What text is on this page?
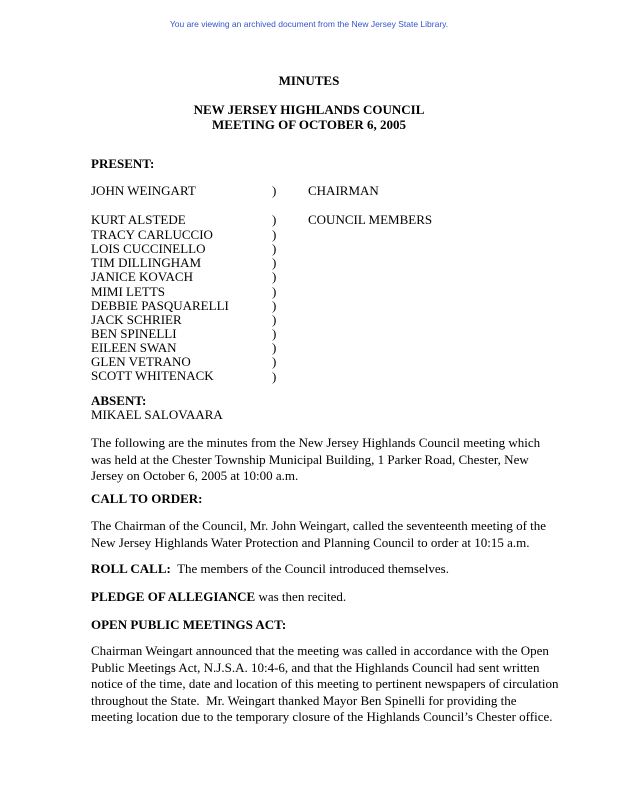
You are viewing an archived document from the New Jersey State Library.
MINUTES
NEW JERSEY HIGHLANDS COUNCIL
MEETING OF OCTOBER 6, 2005
PRESENT:
JOHN WEINGART	) CHAIRMAN
COUNCIL MEMBERS
KURT ALSTEDE
TRACY CARLUCCIO
LOIS CUCCINELLO
TIM DILLINGHAM
JANICE KOVACH
MIMI LETTS
DEBBIE PASQUARELLI
JACK SCHRIER
BEN SPINELLI
EILEEN SWAN
GLEN VETRANO
SCOTT WHITENACK
)
)
)
)
)
)
)
)
)
)
)
)
ABSENT:
MIKAEL SALOVAARA
The following are the minutes from the New Jersey Highlands Council meeting which
was held at the Chester Township Municipal Building, 1 Parker Road, Chester, New
Jersey on October 6, 2005 at 10:00 a.m.
CALL TO ORDER:
The Chairman of the Council, Mr. John Weingart, called the seventeenth meeting of the
New Jersey Highlands Water Protection and Planning Council to order at 10:15 a.m.
ROLL CALL:  The members of the Council introduced themselves.
PLEDGE OF ALLEGIANCE was then recited.
OPEN PUBLIC MEETINGS ACT:
Chairman Weingart announced that the meeting was called in accordance with the Open
Public Meetings Act, N.J.S.A. 10:4-6, and that the Highlands Council had sent written
notice of the time, date and location of this meeting to pertinent newspapers of circulation
throughout the State.  Mr. Weingart thanked Mayor Ben Spinelli for providing the
meeting location due to the temporary closure of the Highlands Council’s Chester office.
